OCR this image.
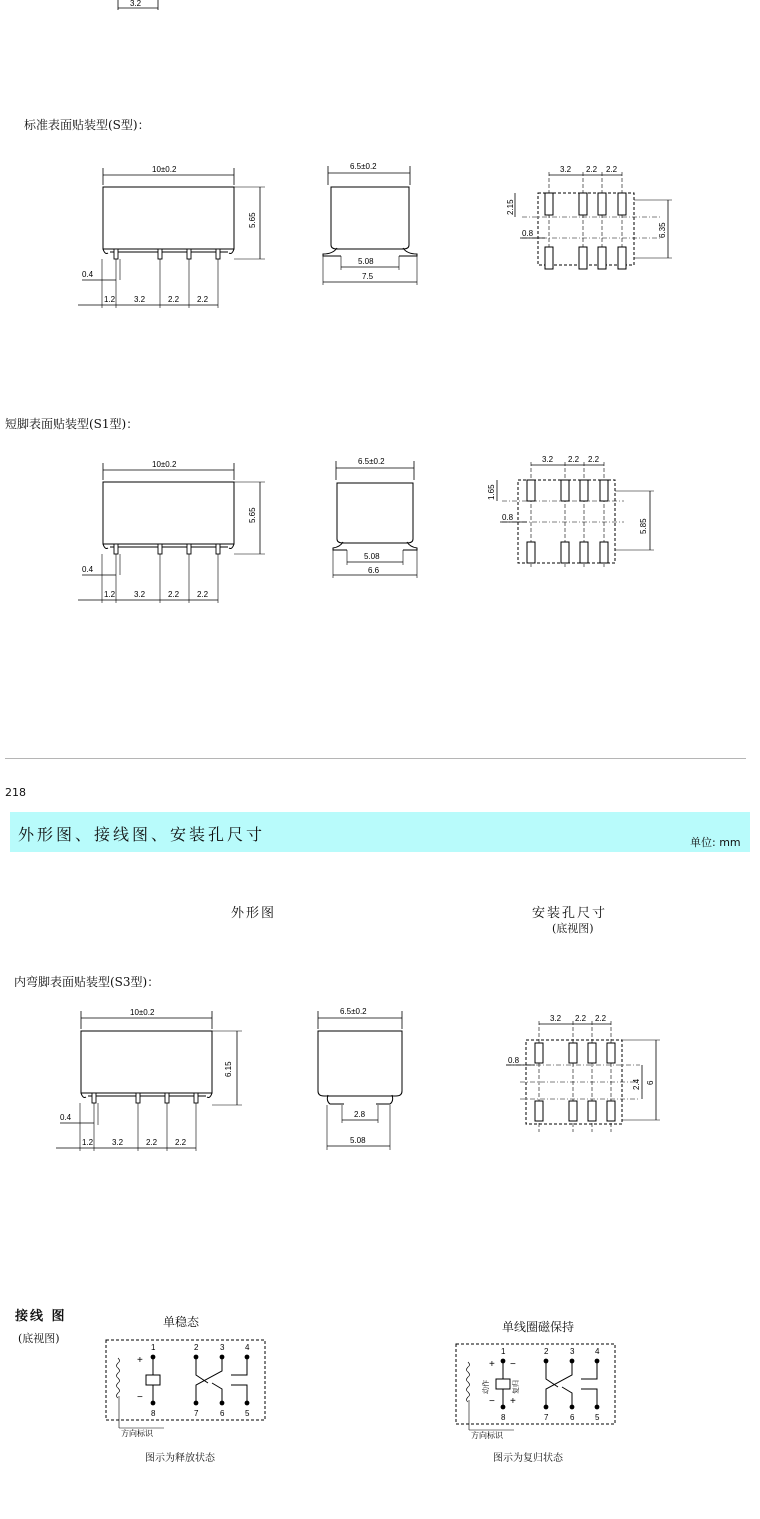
3.2
标准表面贴装型(S型)：
10±0.2
5.65
0.4
1.2 3.2	2.2 2.2
6.5±0.2
5.08
7.5
3.2 2.2 2.2
2.15
0.8	6.35
短脚表面贴装型(S1型)：
10±0.2
5.65
0.4
1.2 3.2	2.2 2.2
6.5±0.2
5.08
6.6
3.2 2.2 2.2
1.65
0.8
5.85
218
外形图、接线图、安装孔尺寸	单位: mm
外形图	安装孔尺寸
(底视图)
内弯脚表面贴装型(S3型)：
10±0.2
6.15
0.4
1.2 3.2	2.2 2.2
6.5±0.2
2.8
5.08
3.2 2.2 2.2
0.8
2.4 6
接线 图
(底视图)
单稳态
方向标识
1	2	3	4
8	7	6	5
+
−
图示为释放状态
单线圈磁保持
方向标识
动作	复归
1	2	3	4
8	7	6	5
+ −
− +
图示为复归状态
